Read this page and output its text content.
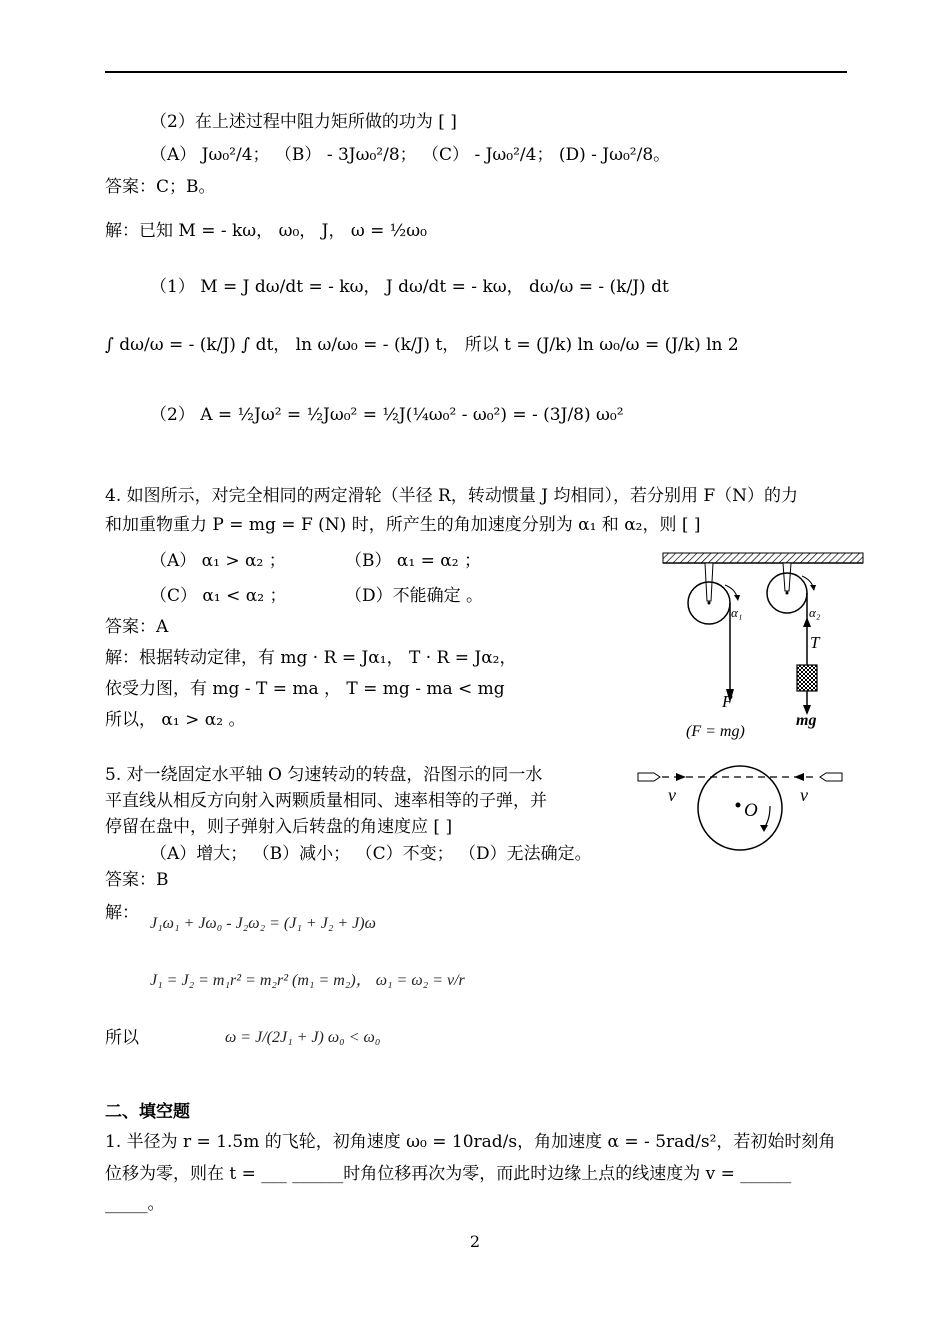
（2）在上述过程中阻力矩所做的功为 [ ]
（A） Jω₀²/4； （B） - 3Jω₀²/8； （C） - Jω₀²/4； (D) - Jω₀²/8。
答案：C；B。
解：已知 M = - kω， ω₀， J， ω = ½ω₀
（1） M = J dω/dt = - kω， J dω/dt = - kω， dω/ω = - (k/J) dt
∫ dω/ω = - (k/J) ∫ dt， ln ω/ω₀ = - (k/J) t， 所以 t = (J/k) ln ω₀/ω = (J/k) ln 2
（2） A = ½Jω² = ½Jω₀² = ½J(¼ω₀² - ω₀²) = - (3J/8) ω₀²
4. 如图所示，对完全相同的两定滑轮（半径 R，转动惯量 J 均相同），若分别用 F（N）的力
和加重物重力 P = mg = F (N) 时，所产生的角加速度分别为 α₁ 和 α₂，则 [ ]
（A） α₁ > α₂ ；	（B） α₁ = α₂ ；
（C） α₁ < α₂ ；	（D）不能确定 。
答案：A
解：根据转动定律，有 mg · R = Jα₁， T · R = Jα₂，
依受力图，有 mg - T = ma ， T = mg - ma < mg
所以， α₁ > α₂ 。
α₁	α₂
T
F
mg
(F = mg)
5. 对一绕固定水平轴 O 匀速转动的转盘，沿图示的同一水
平直线从相反方向射入两颗质量相同、速率相等的子弹，并
停留在盘中，则子弹射入后转盘的角速度应 [ ]
（A）增大； （B）减小； （C）不变； （D）无法确定。
答案：B
解：
J₁ω₁ + Jω₀ - J₂ω₂ = (J₁ + J₂ + J)ω
J₁ = J₂ = m₁r² = m₂r² (m₁ = m₂)， ω₁ = ω₂ = v/r
所以	ω = J/(2J₁ + J) ω₀ < ω₀
v	v
O
二、填空题
1. 半径为 r = 1.5m 的飞轮，初角速度 ω₀ = 10rad/s，角加速度 α = - 5rad/s²，若初始时刻角
位移为零，则在 t = ___ ______时角位移再次为零，而此时边缘上点的线速度为 v = ______
_____。
2
